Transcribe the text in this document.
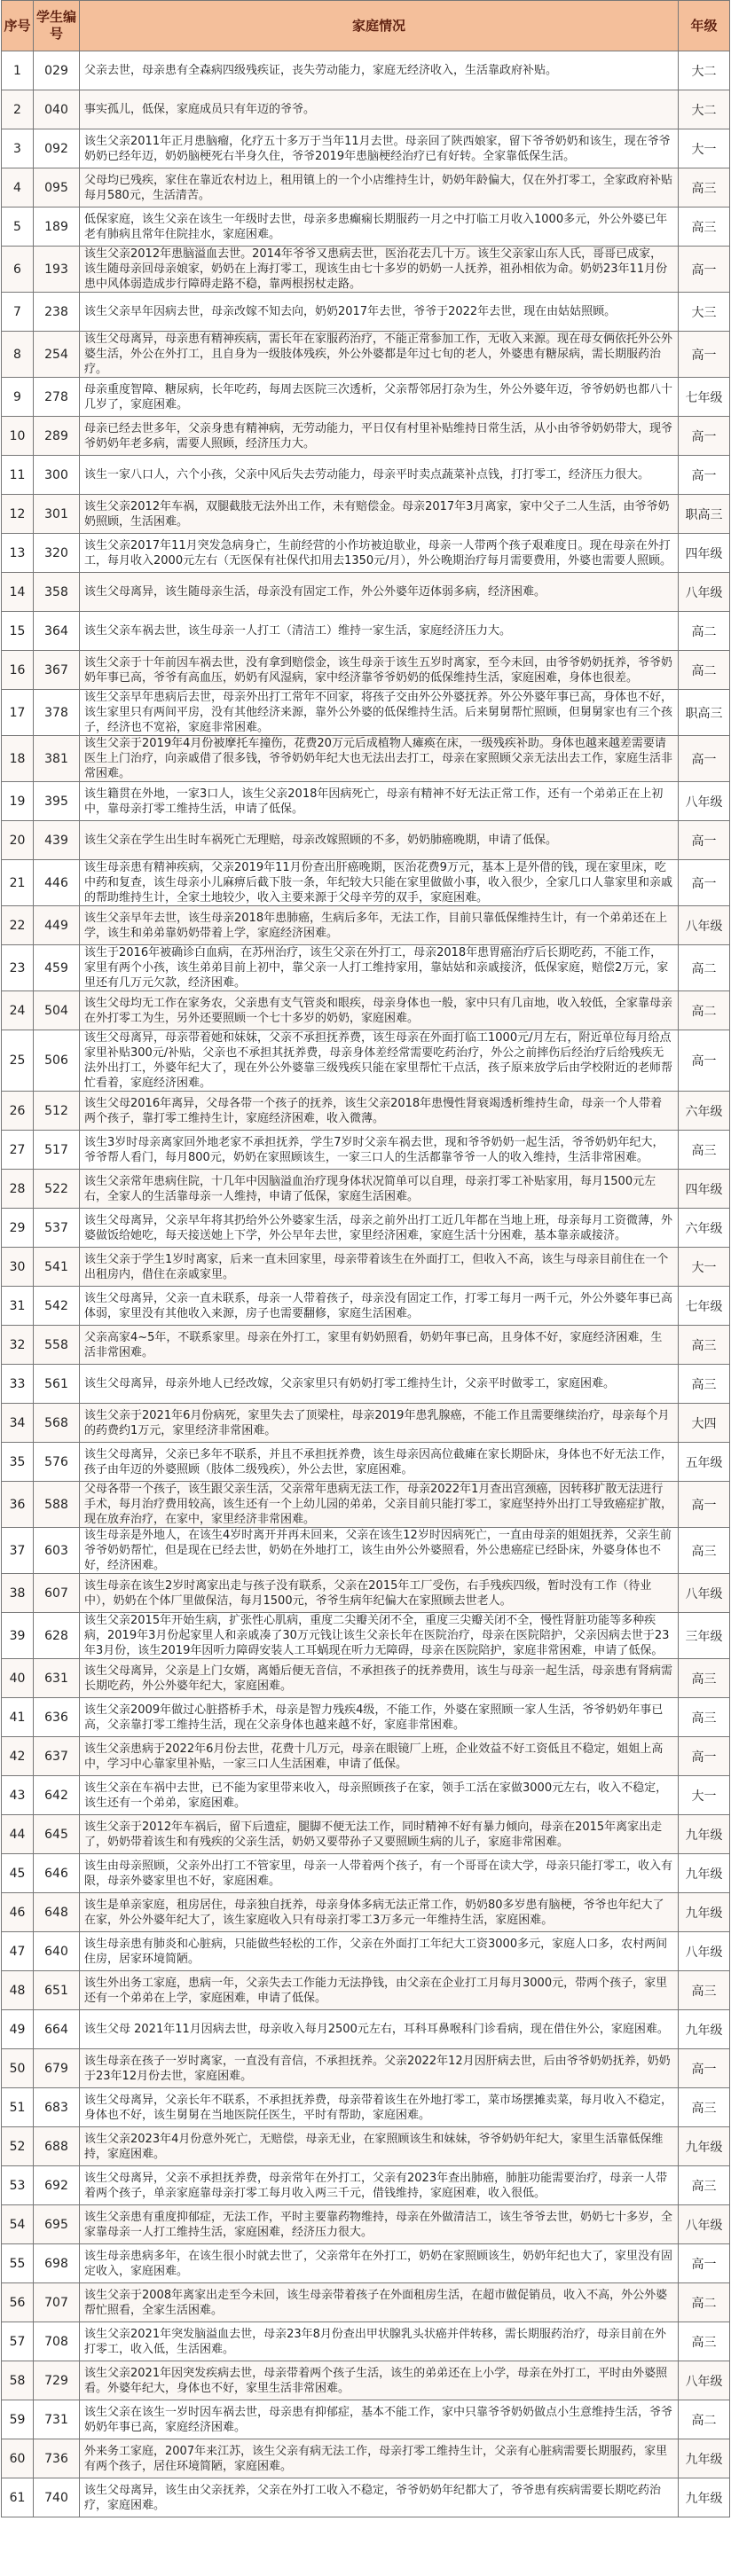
序号	学生编号	家庭情况	年级
1	029	父亲去世，母亲患有全森病四级残疾证，丧失劳动能力，家庭无经济收入，生活靠政府补贴。	大二
2	040	事实孤儿，低保，家庭成员只有年迈的爷爷。	大二
3	092	该生父亲2011年正月患脑瘤，化疗五十多万于当年11月去世。母亲回了陕西娘家，留下爷爷奶奶和该生，现在爷爷奶奶已经年迈，奶奶脑梗死右半身久住，爷爷2019年患脑梗经治疗已有好转。全家靠低保生活。	大一
4	095	父母均已残疾，家住在靠近农村边上，租用镇上的一个小店维持生计，奶奶年龄偏大，仅在外打零工，全家政府补贴每月580元，生活清苦。	高三
5	189	低保家庭，该生父亲在该生一年级时去世，母亲多患癫痫长期服药一月之中打临工月收入1000多元，外公外婆已年老有肺病且常年住院挂水，家庭困难。	高三
6	193	该生父亲2012年患脑溢血去世。2014年爷爷又患病去世，医治花去几十万。该生父亲家山东人氏，哥哥已成家，该生随母亲回母亲娘家，奶奶在上海打零工，现该生由七十多岁的奶奶一人抚养，祖孙相依为命。奶奶23年11月份患中风体弱造成步行障碍走路不稳，靠两根拐杖走路。	高一
7	238	该生父亲早年因病去世，母亲改嫁不知去向，奶奶2017年去世，爷爷于2022年去世，现在由姑姑照顾。	大三
8	254	该生父母离异，母亲患有精神疾病，需长年在家服药治疗，不能正常参加工作，无收入来源。现在母女俩依托外公外婆生活，外公在外打工，且自身为一级肢体残疾，外公外婆都是年过七旬的老人，外婆患有糖尿病，需长期服药治疗。	高一
9	278	母亲重度智障、糖尿病，长年吃药，每周去医院三次透析，父亲帮邻居打杂为生，外公外婆年迈，爷爷奶奶也都八十几岁了，家庭困难。	七年级
10	289	母亲已经去世多年，父亲身患有精神病，无劳动能力，平日仅有村里补贴维持日常生活，从小由爷爷奶奶带大，现爷爷奶奶年老多病，需要人照顾，经济压力大。	高一
11	300	该生一家八口人，六个小孩，父亲中风后失去劳动能力，母亲平时卖点蔬菜补点钱，打打零工，经济压力很大。	高一
12	301	该生父亲2012年车祸，双腿截肢无法外出工作，未有赔偿金。母亲2017年3月离家，家中父子二人生活，由爷爷奶奶照顾，生活困难。	职高三
13	320	该生父亲2017年11月突发急病身亡，生前经营的小作坊被迫歇业，母亲一人带两个孩子艰难度日。现在母亲在外打工，每月收入2000元左右（无医保有社保代扣用去1350元/月），外公晚期治疗每月需要费用，外婆也需要人照顾。	四年级
14	358	该生父母离异，该生随母亲生活，母亲没有固定工作，外公外婆年迈体弱多病，经济困难。	八年级
15	364	该生父亲车祸去世，该生母亲一人打工（清洁工）维持一家生活，家庭经济压力大。	高二
16	367	该生父亲于十年前因车祸去世，没有拿到赔偿金，该生母亲于该生五岁时离家，至今未回，由爷爷奶奶抚养，爷爷奶奶年事已高，爷爷有高血压，奶奶有风湿病，家中经济靠爷爷奶奶的低保维持生活，家庭困难，身体也很差。	高二
17	378	该生父亲早年患病后去世，母亲外出打工常年不回家，将孩子交由外公外婆抚养。外公外婆年事已高，身体也不好，该生家里只有两间平房，没有其他经济来源，靠外公外婆的低保维持生活。后来舅舅帮忙照顾，但舅舅家也有三个孩子，经济也不宽裕，家庭非常困难。	职高三
18	381	该生父亲于2019年4月份被摩托车撞伤，花费20万元后成植物人瘫痪在床，一级残疾补助。身体也越来越差需要请医生上门治疗，向亲戚借了很多钱，爷爷奶奶年纪大也无法出去打工，母亲在家照顾父亲无法出去工作，家庭生活非常困难。	高一
19	395	该生籍贯在外地，一家3口人，该生父亲2018年因病死亡，母亲有精神不好无法正常工作，还有一个弟弟正在上初中，靠母亲打零工维持生活，申请了低保。	八年级
20	439	该生父亲在学生出生时车祸死亡无理赔，母亲改嫁照顾的不多，奶奶肺癌晚期，申请了低保。	高一
21	446	该生母亲患有精神疾病，父亲2019年11月份查出肝癌晚期，医治花费9万元，基本上是外借的钱，现在家里床，吃中药和复查，该生母亲小儿麻痹后截下肢一条，年纪较大只能在家里做做小事，收入很少，全家几口人靠家里和亲戚的帮助维持生计，全家土地较少，收入主要来源于父母辛劳的双手，家庭困难。	高一
22	449	该生父亲早年去世，该生母亲2018年患肺癌，生病后多年，无法工作，目前只靠低保维持生计，有一个弟弟还在上学，该生和弟弟靠奶奶带着上学，家庭经济困难。	八年级
23	459	该生于2016年被确诊白血病，在苏州治疗，该生父亲在外打工，母亲2018年患胃癌治疗后长期吃药，不能工作，家里有两个小孩，该生弟弟目前上初中，靠父亲一人打工维持家用，靠姑姑和亲戚接济，低保家庭，赔偿2万元，家里还有几万元欠款，经济困难。	高二
24	504	该生父母均无工作在家务农，父亲患有支气管炎和眼疾，母亲身体也一般，家中只有几亩地，收入较低，全家靠母亲在外打零工为生，另外还要照顾一个七十多岁的奶奶，家庭困难。	高二
25	506	该生父母离异，母亲带着她和妹妹，父亲不承担抚养费，该生母亲在外面打临工1000元/月左右，附近单位每月给点家里补贴300元/补贴，父亲也不承担其抚养费，母亲身体差经常需要吃药治疗，外公之前摔伤后经治疗后给残疾无法外出打工，外婆年纪大了，现在外公外婆靠三级残疾只能在家里帮忙干点活，孩子原来放学后由学校附近的老师帮忙看着，家庭经济困难。	高一
26	512	该生父母2016年离异，父母各带一个孩子的抚养，该生父亲2018年患慢性肾衰竭透析维持生命，母亲一个人带着两个孩子，靠打零工维持生计，家庭经济困难，收入微薄。	六年级
27	517	该生3岁时母亲离家回外地老家不承担抚养，学生7岁时父亲车祸去世，现和爷爷奶奶一起生活，爷爷奶奶年纪大，爷爷帮人看门，每月800元，奶奶在家照顾该生，一家三口人的生活都靠爷爷一人的收入维持，生活非常困难。	高三
28	522	该生父亲常年患病住院，十几年中因脑溢血治疗现身体状况简单可以自理，母亲打零工补贴家用，每月1500元左右，全家人的生活靠母亲一人维持，申请了低保，家庭生活困难。	四年级
29	537	该生父母离异，父亲早年将其扔给外公外婆家生活，母亲之前外出打工近几年都在当地上班，母亲每月工资微薄，外婆做饭给她吃，每天接送她上下学，外公早年去世，家里经济困难，家庭生活十分困难，基本靠亲戚接济。	六年级
30	541	该生父亲于学生1岁时离家，后来一直未回家里，母亲带着该生在外面打工，但收入不高，该生与母亲目前住在一个出租房内，借住在亲戚家里。	大一
31	542	该生父母离异，父亲一直未联系，母亲一人带着孩子，母亲没有固定工作，打零工每月一两千元，外公外婆年事已高体弱，家里没有其他收入来源，房子也需要翻修，家庭生活困难。	七年级
32	558	父亲高家4~5年，不联系家里。母亲在外打工，家里有奶奶照看，奶奶年事已高，且身体不好，家庭经济困难，生活非常困难。	高三
33	561	该生父母离异，母亲外地人已经改嫁，父亲家里只有奶奶打零工维持生计，父亲平时做零工，家庭困难。	高三
34	568	该生父亲于2021年6月份病死，家里失去了顶梁柱，母亲2019年患乳腺癌，不能工作且需要继续治疗，母亲每个月的药费约1万元，家里经济非常困难。	大四
35	576	该生父母离异，父亲已多年不联系，并且不承担抚养费，该生母亲因高位截瘫在家长期卧床，身体也不好无法工作，孩子由年迈的外婆照顾（肢体二级残疾），外公去世，家庭困难。	五年级
36	588	父母各带一个孩子，该生跟父亲生活，父亲常年患病无法工作，母亲2022年1月查出宫颈癌，因转移扩散无法进行手术，每月治疗费用较高，该生还有一个上幼儿园的弟弟，父亲目前只能打零工，家庭坚持外出打工导致癌症扩散，现在放弃治疗，在家中，家里经济非常困难。	高一
37	603	该生母亲是外地人，在该生4岁时离开并再未回来，父亲在该生12岁时因病死亡，一直由母亲的姐姐抚养，父亲生前爷爷奶奶帮忙，但是现在已经去世，奶奶在外地打工，该生由外公外婆照看，外公患癌症已经卧床，外婆身体也不好，经济困难。	高三
38	607	该生母亲在该生2岁时离家出走与孩子没有联系，父亲在2015年工厂受伤，右手残疾四级，暂时没有工作（待业中），奶奶在个体厂里做保洁，每月1500元，爷爷生病年纪偏大在家照顾去世老人。	八年级
39	628	该生父亲2015年开始生病，扩张性心肌病，重度二尖瓣关闭不全，重度三尖瓣关闭不全，慢性肾脏功能等多种疾病，2019年3月份起家里人和亲戚凑了30万元钱让该生父亲长年在医院治疗，母亲在医院陪护，父亲因病去世于23年3月份，该生2019年因听力障碍安装人工耳蜗现在听力无障碍，母亲在医院陪护，家庭非常困难，申请了低保。	三年级
40	631	该生父母离异，父亲是上门女婿，离婚后便无音信，不承担孩子的抚养费用，该生与母亲一起生活，母亲患有肾病需长期吃药，外公外婆年纪大，家庭困难。	高三
41	636	该生父亲2009年做过心脏搭桥手术，母亲是智力残疾4级，不能工作，外婆在家照顾一家人生活，爷爷奶奶年事已高，父亲靠打零工维持生活，现在父亲身体也越来越不好，家庭非常困难。	高三
42	637	该生父亲患病于2022年6月份去世，花费十几万元，母亲在眼镜厂上班，企业效益不好工资低且不稳定，姐姐上高中，学习中心靠家里补贴，一家三口人生活困难，申请了低保。	高一
43	642	该生父亲在车祸中去世，已不能为家里带来收入，母亲照顾孩子在家，领手工活在家做3000元左右，收入不稳定，该生还有一个弟弟，家庭困难。	大一
44	645	该生父亲于2012年车祸后，留下后遗症，腿脚不便无法工作，同时精神不好有暴力倾向，母亲在2015年离家出走了，奶奶带着该生和有残疾的父亲生活，奶奶又要带孙子又要照顾生病的儿子，家庭非常困难。	九年级
45	646	该生由母亲照顾，父亲外出打工不管家里，母亲一人带着两个孩子，有一个哥哥在读大学，母亲只能打零工，收入有限，母亲外婆家里也不好，家庭困难。	九年级
46	648	该生是单亲家庭，租房居住，母亲独自抚养，母亲身体多病无法正常工作，奶奶80多岁患有脑梗，爷爷也年纪大了在家，外公外婆年纪大了，该生家庭收入只有母亲打零工3万多元一年维持生活，家庭困难。	九年级
47	640	该生母亲患有肺炎和心脏病，只能做些轻松的工作，父亲在外面打工年纪大工资3000多元，家庭人口多，农村两间住房，居家环境简陋。	八年级
48	651	该生外出务工家庭，患病一年，父亲失去工作能力无法挣钱，由父亲在企业打工月每月3000元，带两个孩子，家里还有一个弟弟在上学，家庭困难，申请了低保。	高三
49	664	该生父母 2021年11月因病去世，母亲收入每月2500元左右，耳科耳鼻喉科门诊看病，现在借住外公，家庭困难。	九年级
50	679	该生母亲在孩子一岁时离家，一直没有音信，不承担抚养。父亲2022年12月因肝病去世，后由爷爷奶奶抚养，奶奶于23年12月份去世，家庭困难。	高一
51	683	该生父母离异，父亲长年不联系，不承担抚养费，母亲带着该生在外地打零工，菜市场摆摊卖菜，每月收入不稳定，身体也不好，该生舅舅在当地医院任医生，平时有帮助，家庭困难。	高三
52	688	该生父亲2023年4月份意外死亡，无赔偿，母亲无业，在家照顾该生和妹妹，爷爷奶奶年纪大，家里生活靠低保维持，家庭困难。	九年级
53	692	该生父母离异，父亲不承担抚养费，母亲常年在外打工，父亲有2023年查出肺癌，肺脏功能需要治疗，母亲一人带着两个孩子，单亲家庭靠母亲打零工每月收入两三千元，借钱维持，家庭困难，收入很低。	高三
54	695	该生父亲患有重度抑郁症，无法工作，平时主要靠药物维持，母亲在外做清洁工，该生爷爷去世，奶奶七十多岁，全家靠母亲一人打工维持生活，家庭困难，经济压力很大。	八年级
55	698	该生母亲患病多年，在该生很小时就去世了，父亲常年在外打工，奶奶在家照顾该生，奶奶年纪也大了，家里没有固定收入，家庭困难。	高一
56	707	该生父亲于2008年离家出走至今未回，该生母亲带着孩子在外面租房生活，在超市做促销员，收入不高，外公外婆帮忙照看，全家生活困难。	高二
57	708	该生父亲2021年突发脑溢血去世，母亲23年8月份查出甲状腺乳头状癌并伴转移，需长期服药治疗，母亲目前在外打零工，收入低，生活困难。	高三
58	729	该生父亲2021年因突发疾病去世，母亲带着两个孩子生活，该生的弟弟还在上小学，母亲在外打工，平时由外婆照看。外婆年纪大，身体也不好，家里生活非常困难。	八年级
59	731	该生父亲在该生一岁时因车祸去世，母亲患有抑郁症，基本不能工作，家中只靠爷爷奶奶做点小生意维持生活，爷爷奶奶年事已高，家庭经济困难。	高二
60	736	外来务工家庭，2007年来江苏，该生父亲有病无法工作，母亲打零工维持生计，父亲有心脏病需要长期服药，家里有两个孩子，居住环境简陋，家庭困难。	九年级
61	740	该生父母离异，该生由父亲抚养，父亲在外打工收入不稳定，爷爷奶奶年纪都大了，爷爷患有疾病需要长期吃药治疗，家庭困难。	九年级
